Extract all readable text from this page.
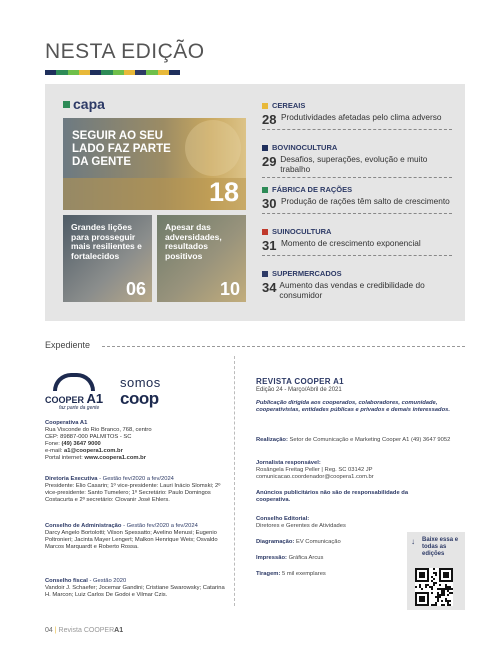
NESTA EDIÇÃO
capa
SEGUIR AO SEU LADO FAZ PARTE DA GENTE
18
Grandes lições para prosseguir mais resilientes e fortalecidos
06
Apesar das adversidades, resultados positivos
10
CEREAIS
28 Produtividades afetadas pelo clima adverso
BOVINOCULTURA
29 Desafios, superações, evolução e muito trabalho
FÁBRICA DE RAÇÕES
30 Produção de rações têm salto de crescimento
SUINOCULTURA
31 Momento de crescimento exponencial
SUPERMERCADOS
34 Aumento das vendas e credibilidade do consumidor
Expediente
COOPER A1
faz parte da gente
somos
coop
Cooperativa A1
Rua Visconde do Rio Branco, 768, centro
CEP: 89887-000 PALMITOS - SC
Fone: (49) 3647 9000
e-mail: a1@coopera1.com.br
Portal internet: www.coopera1.com.br
Diretoria Executiva - Gestão fev/2020 a fev/2024
Presidente: Elio Casarin; 1º vice-presidente: Lauri Inácio Slomski; 2º vice-presidente: Santo Tumelero; 1º Secretário: Paulo Domingos Costacurta e 2º secretário: Clovanir José Ehlers.
Conselho de Administração - Gestão fev/2020 a fev/2024
Darcy Angelo Bortolotti; Vilson Spessatto; Avelino Menusi; Eugenio Poltronieri; Jacinta Mayer Lengert; Malkon Henrique Weis; Osvaldo Marcos Marquardt e Roberto Rossa.
Conselho fiscal - Gestão 2020
Vandoir J. Schaefer; Jocemar Gandini; Cristiane Swarowsky; Catarina H. Marcon; Luiz Carlos De Godoi e Vilmar Czis.
REVISTA COOPER A1
Edição 24 - Março/Abril de 2021
Publicação dirigida aos cooperados, colaboradores, comunidade, cooperativistas, entidades públicas e privados e demais interessados.
Realização: Setor de Comunicação e Marketing Cooper A1 (49) 3647 9052
Jornalista responsável:
Rosângela Freitag Peller | Reg. SC 03142 JP comunicacao.coordenador@coopera1.com.br
Anúncios publicitários não são de responsabilidade da cooperativa.
Conselho Editorial:
Diretores e Gerentes de Atividades
Diagramação: EV Comunicação
Impressão: Gráfica Arcus
Tiragem: 5 mil exemplares
↓ Baixe essa e todas as edições
04 | Revista COOPERA1
